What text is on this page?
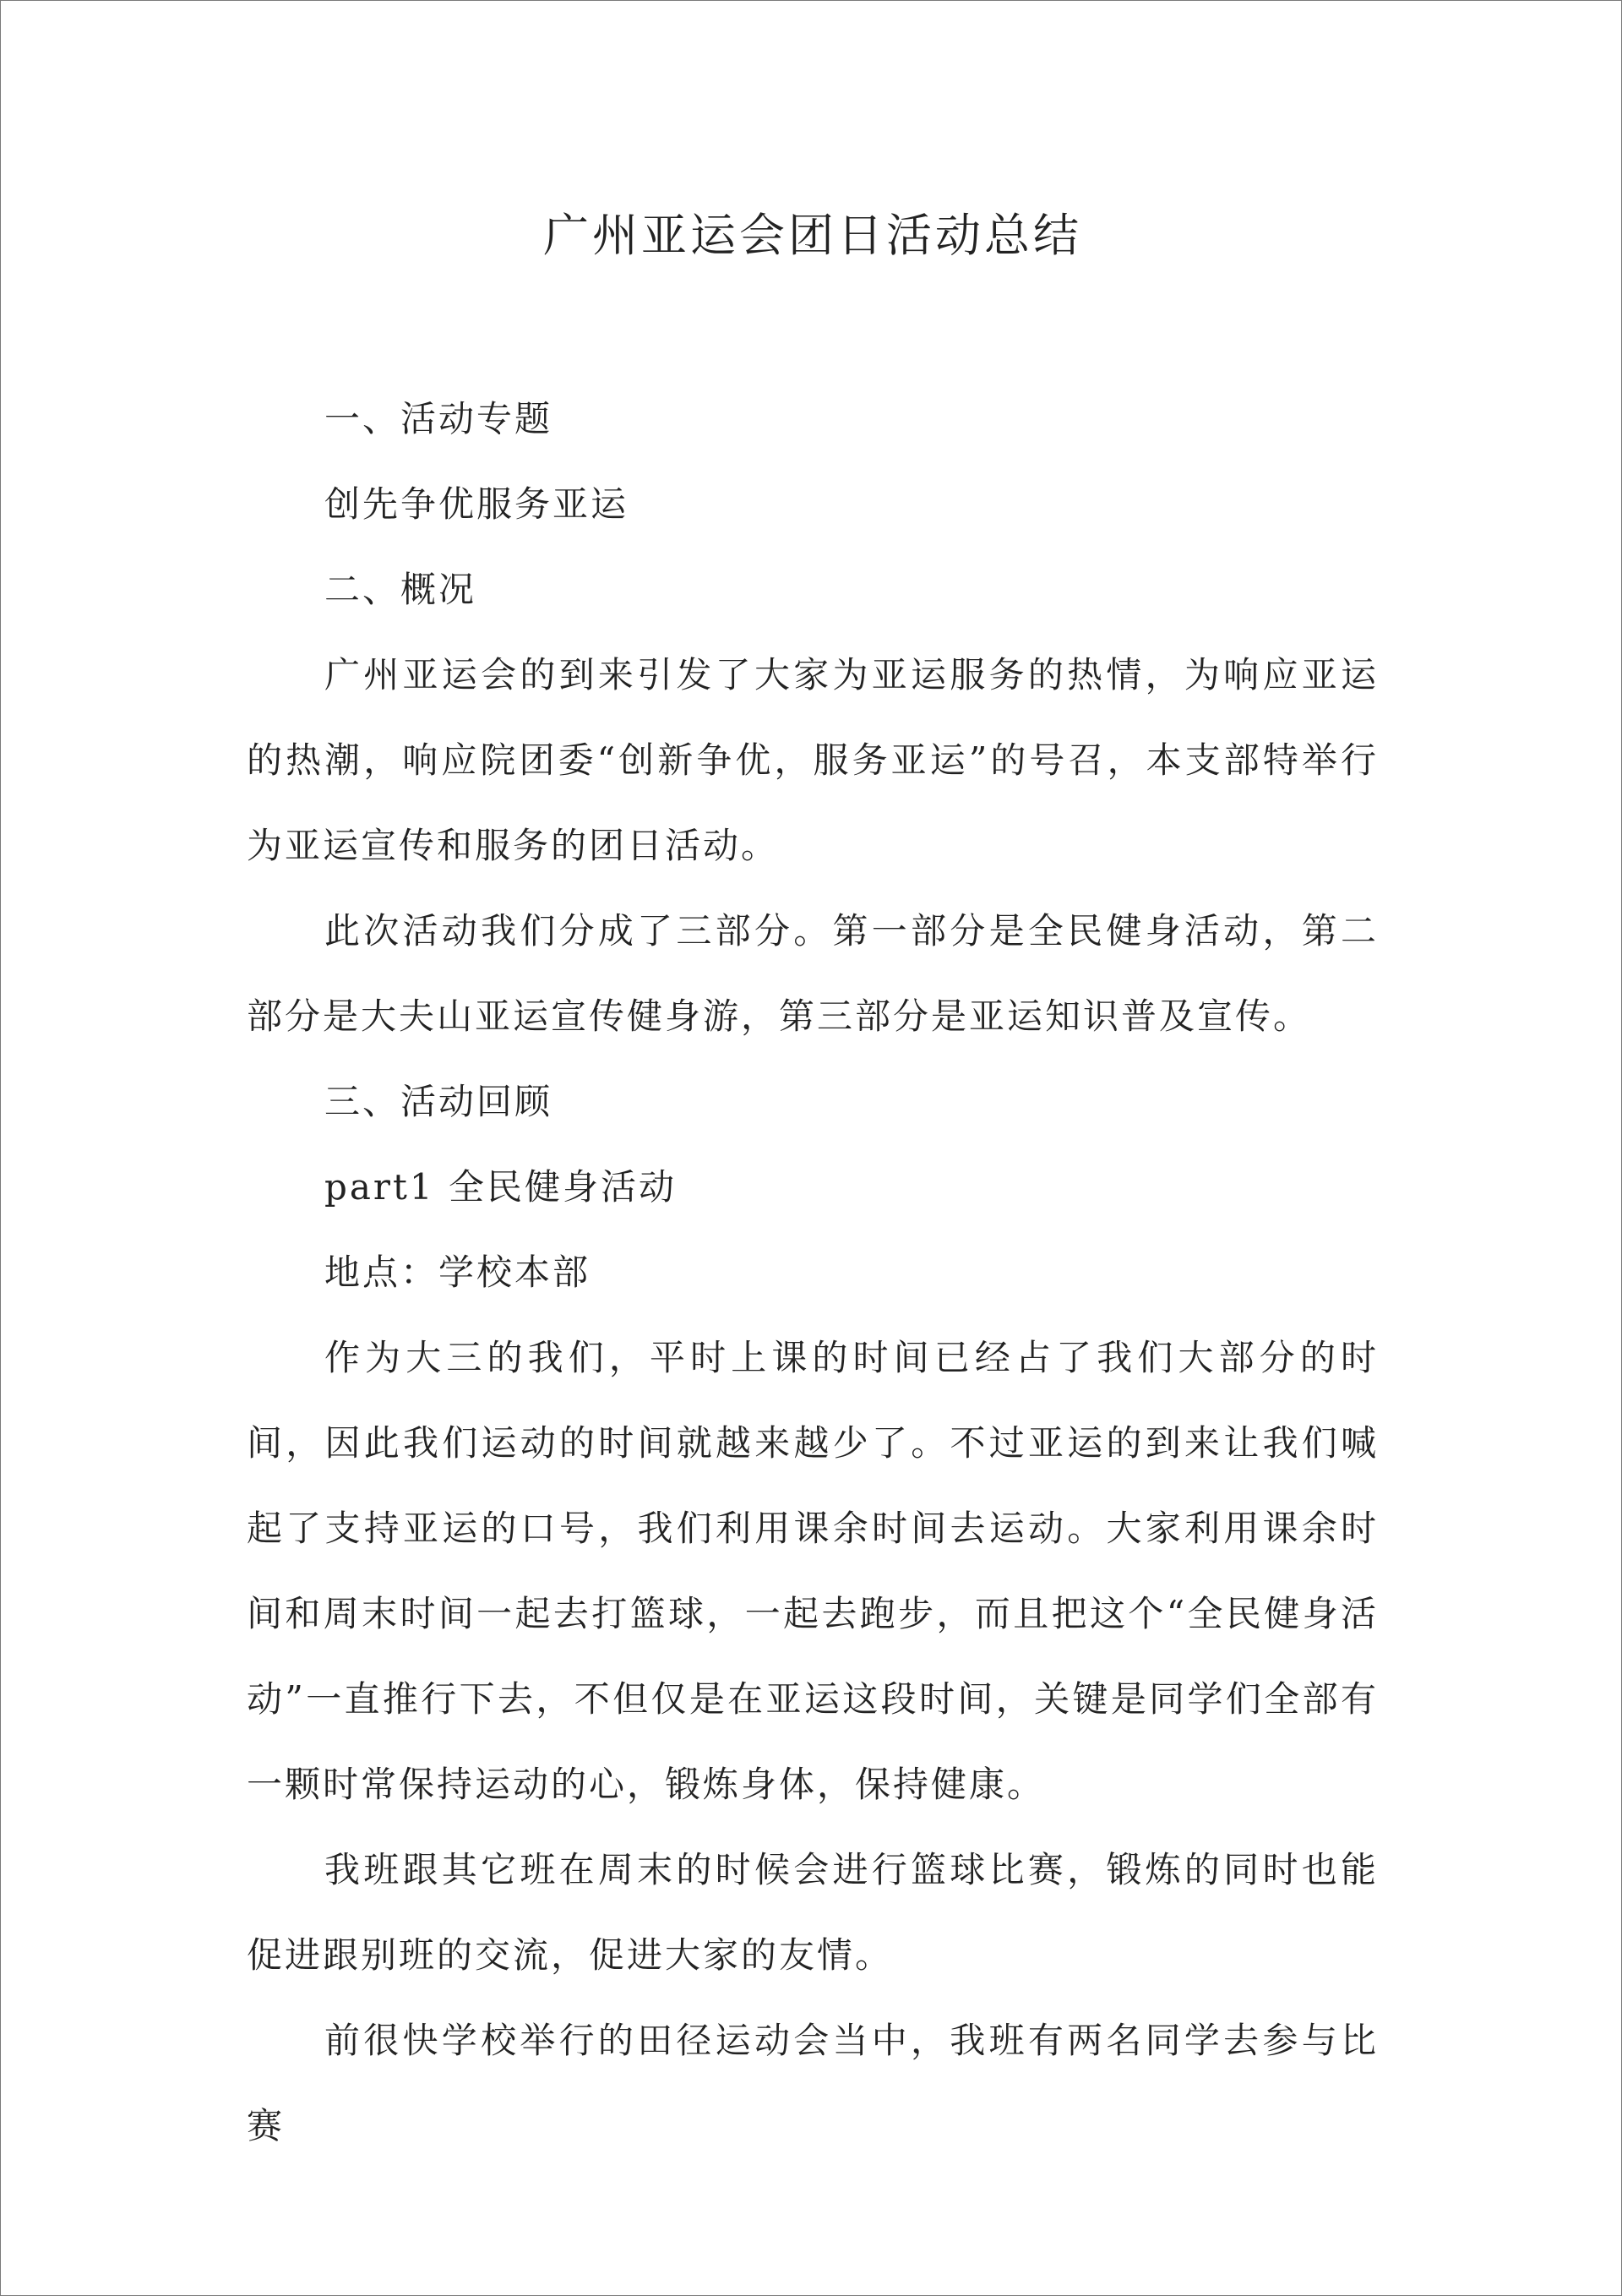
广州亚运会团日活动总结

一、活动专题

创先争优服务亚运

二、概况

广州亚运会的到来引发了大家为亚运服务的热情，为响应亚运的热潮，响应院团委“创新争优，服务亚运”的号召，本支部特举行为亚运宣传和服务的团日活动。

此次活动我们分成了三部分。第一部分是全民健身活动，第二部分是大夫山亚运宣传健身游，第三部分是亚运知识普及宣传。

三、活动回顾

part1 全民健身活动

地点：学校本部

作为大三的我们，平时上课的时间已经占了我们大部分的时间，因此我们运动的时间就越来越少了。不过亚运的到来让我们喊起了支持亚运的口号，我们利用课余时间去运动。大家利用课余时间和周末时间一起去打篮球，一起去跑步，而且把这个“全民健身活动”一直推行下去，不但仅是在亚运这段时间，关键是同学们全部有一颗时常保持运动的心，锻炼身体，保持健康。

我班跟其它班在周末的时候会进行篮球比赛，锻炼的同时也能促进跟别班的交流，促进大家的友情。

前很快学校举行的田径运动会当中，我班有两名同学去参与比赛
